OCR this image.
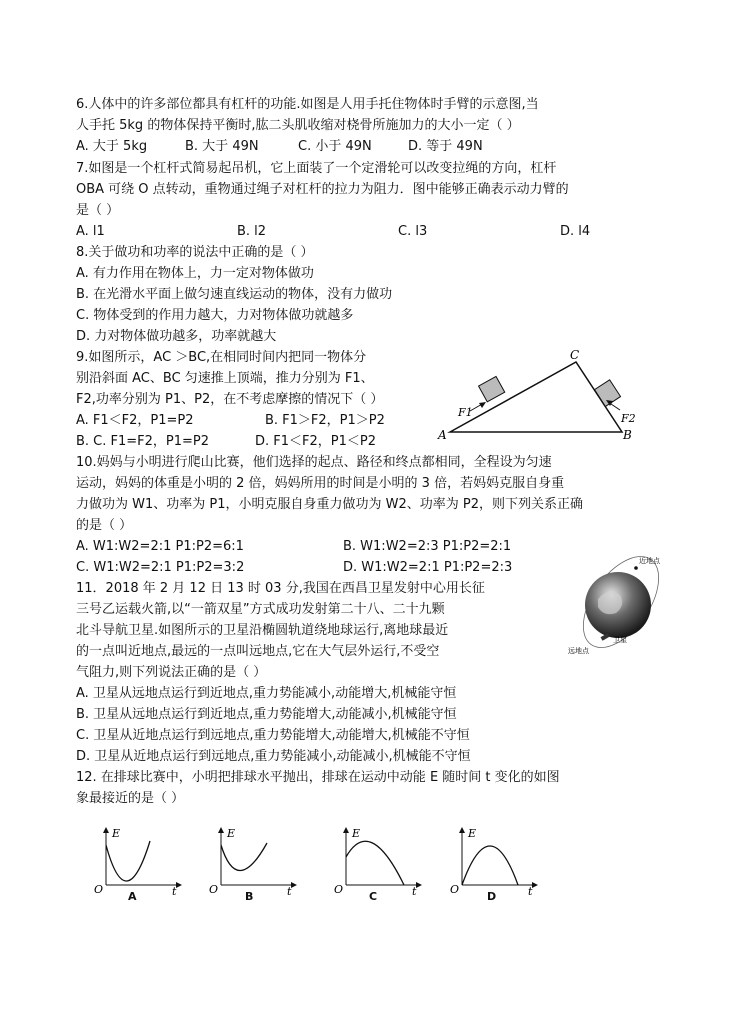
6.人体中的许多部位都具有杠杆的功能.如图是人用手托住物体时手臂的示意图,当
人手托 5kg 的物体保持平衡时,肱二头肌收缩对桡骨所施加力的大小一定（ ）
A. 大于 5kg	B. 大于 49N	C. 小于 49N	D. 等于 49N
7.如图是一个杠杆式简易起吊机，它上面装了一个定滑轮可以改变拉绳的方向，杠杆
OBA 可绕 O 点转动，重物通过绳子对杠杆的拉力为阻力．图中能够正确表示动力臂的
是（ ）
A. l1	B. l2	C. l3	D. l4
8.关于做功和功率的说法中正确的是（ ）
A. 有力作用在物体上，力一定对物体做功
B. 在光滑水平面上做匀速直线运动的物体，没有力做功
C. 物体受到的作用力越大，力对物体做功就越多
D. 力对物体做功越多，功率就越大
9.如图所示，AC ＞BC,在相同时间内把同一物体分
别沿斜面 AC、BC 匀速推上顶端，推力分别为 F1、
F2,功率分别为 P1、P2，在不考虑摩擦的情况下（ ）
A. F1＜F2，P1=P2	B. F1＞F2，P1＞P2
B. C. F1=F2，P1=P2	D. F1＜F2，P1＜P2	A
C
B
F1	F2
10.妈妈与小明进行爬山比赛，他们选择的起点、路径和终点都相同，全程设为匀速
运动，妈妈的体重是小明的 2 倍，妈妈所用的时间是小明的 3 倍，若妈妈克服自身重
力做功为 W1、功率为 P1，小明克服自身重力做功为 W2、功率为 P2，则下列关系正确
的是（ ）
A. W1:W2=2:1 P1:P2=6:1	B. W1:W2=2:3 P1:P2=2:1
C. W1:W2=2:1 P1:P2=3:2	D. W1:W2=2:1 P1:P2=2:3
11．2018 年 2 月 12 日 13 时 03 分,我国在西昌卫星发射中心用长征
三号乙运载火箭,以“一箭双星”方式成功发射第二十八、二十九颗
北斗导航卫星.如图所示的卫星沿椭圆轨道绕地球运行,离地球最近
的一点叫近地点,最远的一点叫远地点,它在大气层外运行,不受空
气阻力,则下列说法正确的是（ ）
A. 卫星从远地点运行到近地点,重力势能减小,动能增大,机械能守恒
B. 卫星从远地点运行到近地点,重力势能增大,动能减小,机械能守恒
C. 卫星从近地点运行到远地点,重力势能增大,动能增大,机械能不守恒
D. 卫星从近地点运行到远地点,重力势能减小,动能减小,机械能不守恒
近地点
卫星
远地点
12. 在排球比赛中，小明把排球水平抛出，排球在运动中动能 E 随时间 t 变化的如图
象最接近的是（ ）
E
O	t
A
E
O	t
B
E
O	t
C
E
O	t
D
